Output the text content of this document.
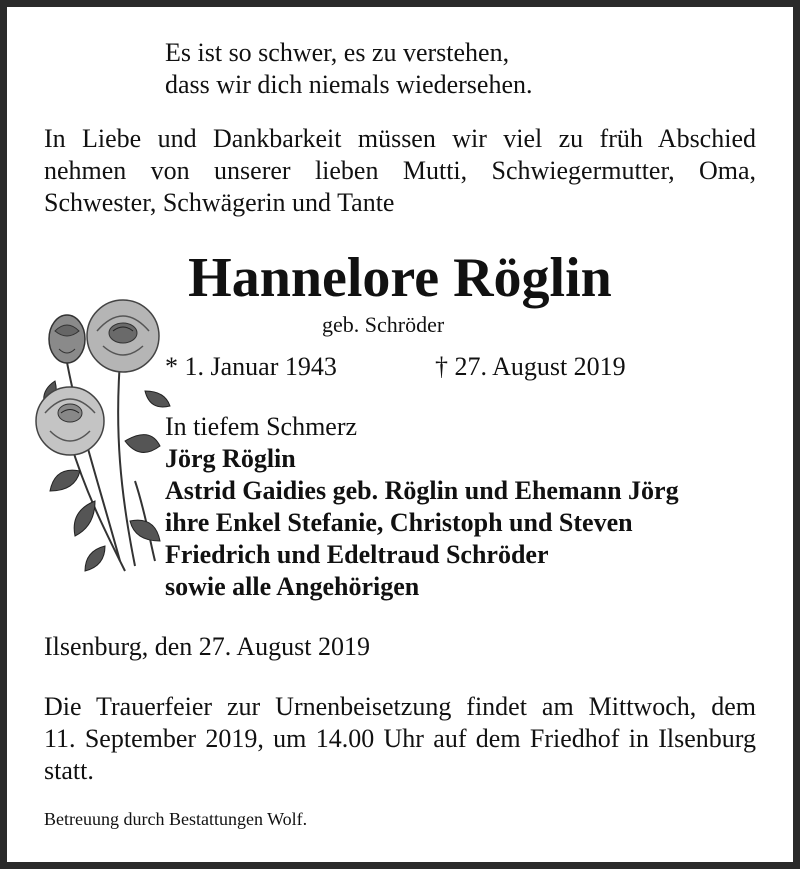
Es ist so schwer, es zu verstehen,
dass wir dich niemals wiedersehen.
In Liebe und Dankbarkeit müssen wir viel zu früh Abschied
nehmen von unserer lieben Mutti, Schwiegermutter, Oma,
Schwester, Schwägerin und Tante
Hannelore Röglin
geb. Schröder
* 1. Januar 1943	† 27. August 2019
In tiefem Schmerz
Jörg Röglin
Astrid Gaidies geb. Röglin und Ehemann Jörg
ihre Enkel Stefanie, Christoph und Steven
Friedrich und Edeltraud Schröder
sowie alle Angehörigen
Ilsenburg, den 27. August 2019
Die Trauerfeier zur Urnenbeisetzung findet am Mittwoch, dem
11. September 2019, um 14.00 Uhr auf dem Friedhof in Ilsenburg
statt.
Betreuung durch Bestattungen Wolf.
